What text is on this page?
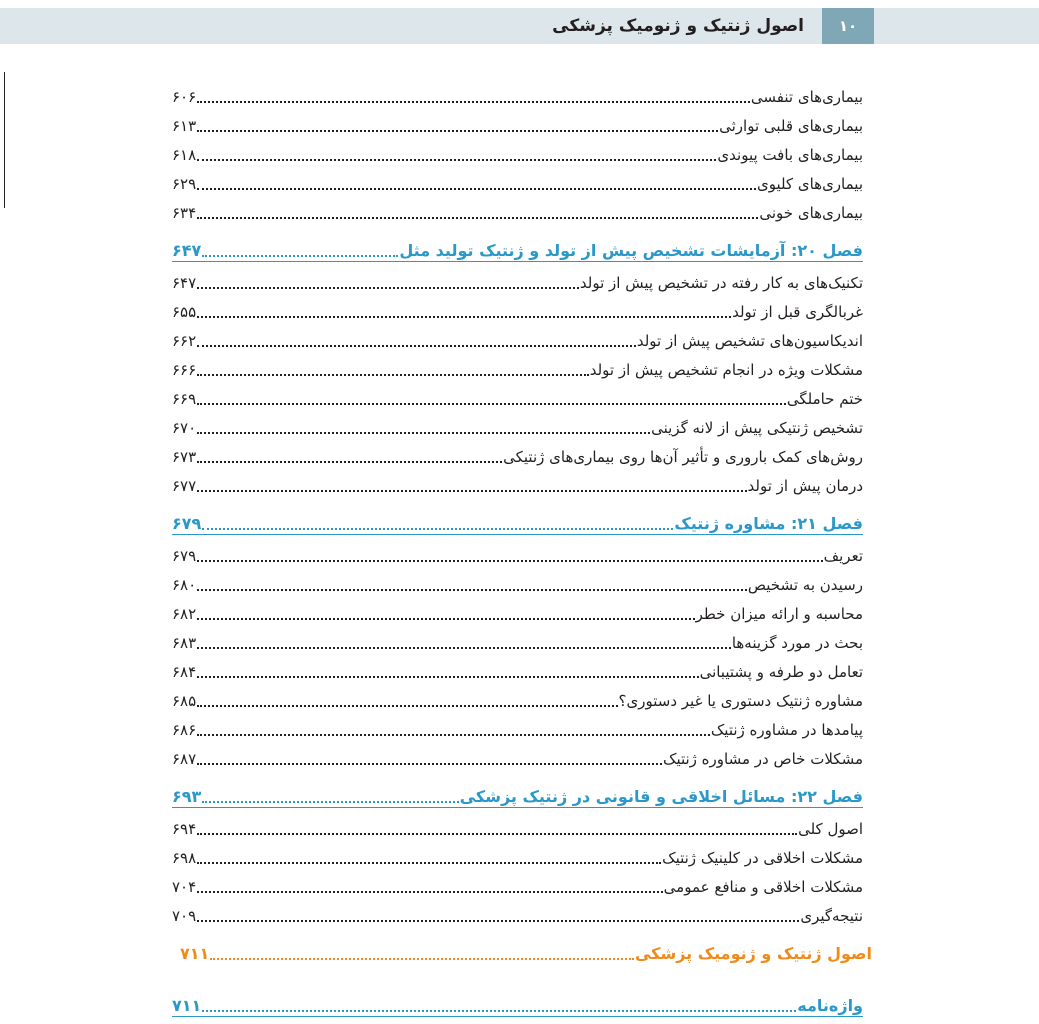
۱۰
اصول ژنتیک و ژنومیک پزشکی
بیماری‌های تنفسی
۶۰۶
بیماری‌های قلبی توارثی
۶۱۳
بیماری‌های بافت پیوندی
۶۱۸
بیماری‌های کلیوی
۶۲۹
بیماری‌های خونی
۶۳۴
فصل ۲۰: آزمایشات تشخیص پیش از تولد و ژنتیک تولید مثل
۶۴۷
تکنیک‌های به کار رفته در تشخیص پیش از تولد
۶۴۷
غربالگری قبل از تولد
۶۵۵
اندیکاسیون‌های تشخیص پیش از تولد
۶۶۲
مشکلات ویژه در انجام تشخیص پیش از تولد
۶۶۶
ختم حاملگی
۶۶۹
تشخیص ژنتیکی پیش از لانه گزینی
۶۷۰
روش‌های کمک باروری و تأثیر آن‌ها روی بیماری‌های ژنتیکی
۶۷۳
درمان پیش از تولد
۶۷۷
فصل ۲۱: مشاوره ژنتیک
۶۷۹
تعریف
۶۷۹
رسیدن به تشخیص
۶۸۰
محاسبه و ارائه میزان خطر
۶۸۲
بحث در مورد گزینه‌ها
۶۸۳
تعامل دو طرفه و پشتیبانی
۶۸۴
مشاوره ژنتیک دستوری یا غیر دستوری؟
۶۸۵
پیامدها در مشاوره ژنتیک
۶۸۶
مشکلات خاص در مشاوره ژنتیک
۶۸۷
فصل ۲۲: مسائل اخلاقی و قانونی در ژنتیک پزشکی
۶۹۳
اصول کلی
۶۹۴
مشکلات اخلاقی در کلینیک ژنتیک
۶۹۸
مشکلات اخلاقی و منافع عمومی
۷۰۴
نتیجه‌گیری
۷۰۹
اصول ژنتیک و ژنومیک پزشکی
۷۱۱
واژه‌نامه
۷۱۱
